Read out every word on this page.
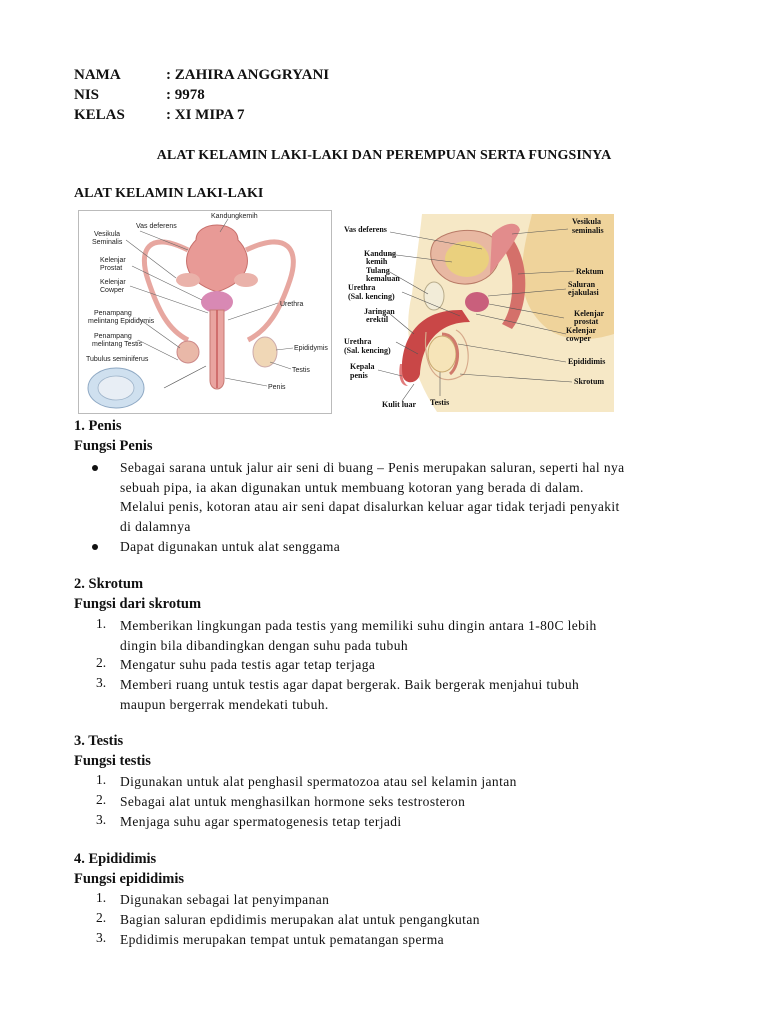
NAMA	: ZAHIRA ANGGRYANI
NIS	: 9978
KELAS	: XI MIPA 7
ALAT KELAMIN LAKI-LAKI DAN PEREMPUAN SERTA FUNGSINYA
ALAT KELAMIN LAKI-LAKI
Kandungkemih
Vas deferens
Vesikula
Seminalis
Kelenjar
Prostat
Kelenjar
Cowper
Urethra
Penampang
melintang Epididymis
Penampang
melintang Testis
Tubulus seminiferus
Epididymis
Testis
Penis
Vas deferens
Kandung
kemih
Tulang
kemaluan
Urethra
(Sal. kencing)
Jaringan
erektil
Urethra
(Sal. kencing)
Kepala
penis
Kulit luar Testis
Vesikula
seminalis
Rektum
Saluran
ejakulasi
Kelenjar
prostat
Kelenjar
cowper
Epididimis
Skrotum
1. Penis
Fungsi Penis
Sebagai sarana untuk jalur air seni di buang – Penis merupakan saluran, seperti hal nya
sebuah pipa, ia akan digunakan untuk membuang kotoran yang berada di dalam.
Melalui penis, kotoran atau air seni dapat disalurkan keluar agar tidak terjadi penyakit
di dalamnya
Dapat digunakan untuk alat senggama
2. Skrotum
Fungsi dari skrotum
1. Memberikan lingkungan pada testis yang memiliki suhu dingin antara 1-80C lebih
dingin bila dibandingkan dengan suhu pada tubuh
2. Mengatur suhu pada testis agar tetap terjaga
3. Memberi ruang untuk testis agar dapat bergerak. Baik bergerak menjahui tubuh
maupun bergerrak mendekati tubuh.
3. Testis
Fungsi testis
1. Digunakan untuk alat penghasil spermatozoa atau sel kelamin jantan
2. Sebagai alat untuk menghasilkan hormone seks testrosteron
3. Menjaga suhu agar spermatogenesis tetap terjadi
4. Epididimis
Fungsi epididimis
1. Digunakan sebagai lat penyimpanan
2. Bagian saluran epdidimis merupakan alat untuk pengangkutan
3. Epdidimis merupakan tempat untuk pematangan sperma
